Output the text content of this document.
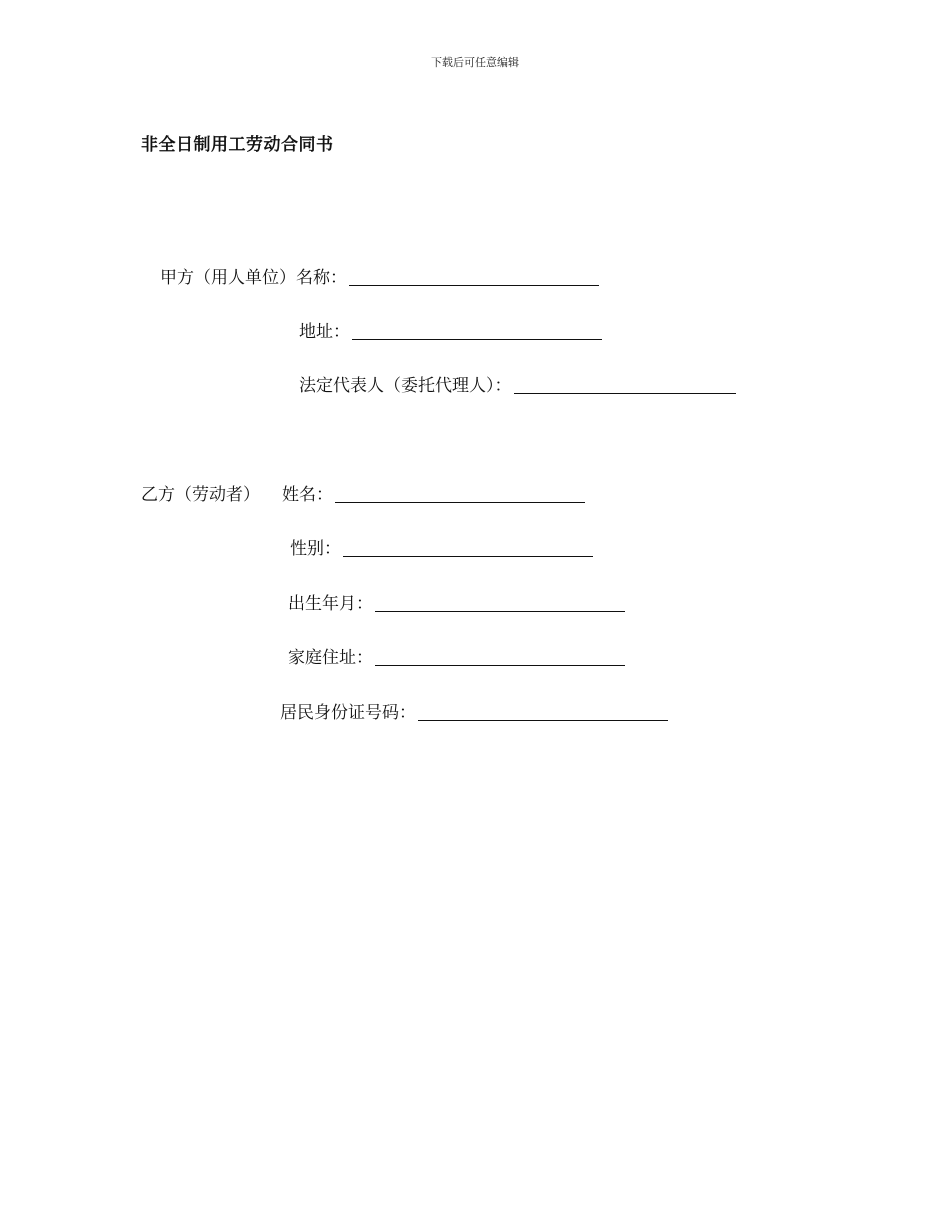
下载后可任意编辑
非全日制用工劳动合同书
甲方（用人单位）名称：
地址：
法定代表人（委托代理人）：
乙方（劳动者） 姓名：
性别：
出生年月：
家庭住址：
居民身份证号码：
